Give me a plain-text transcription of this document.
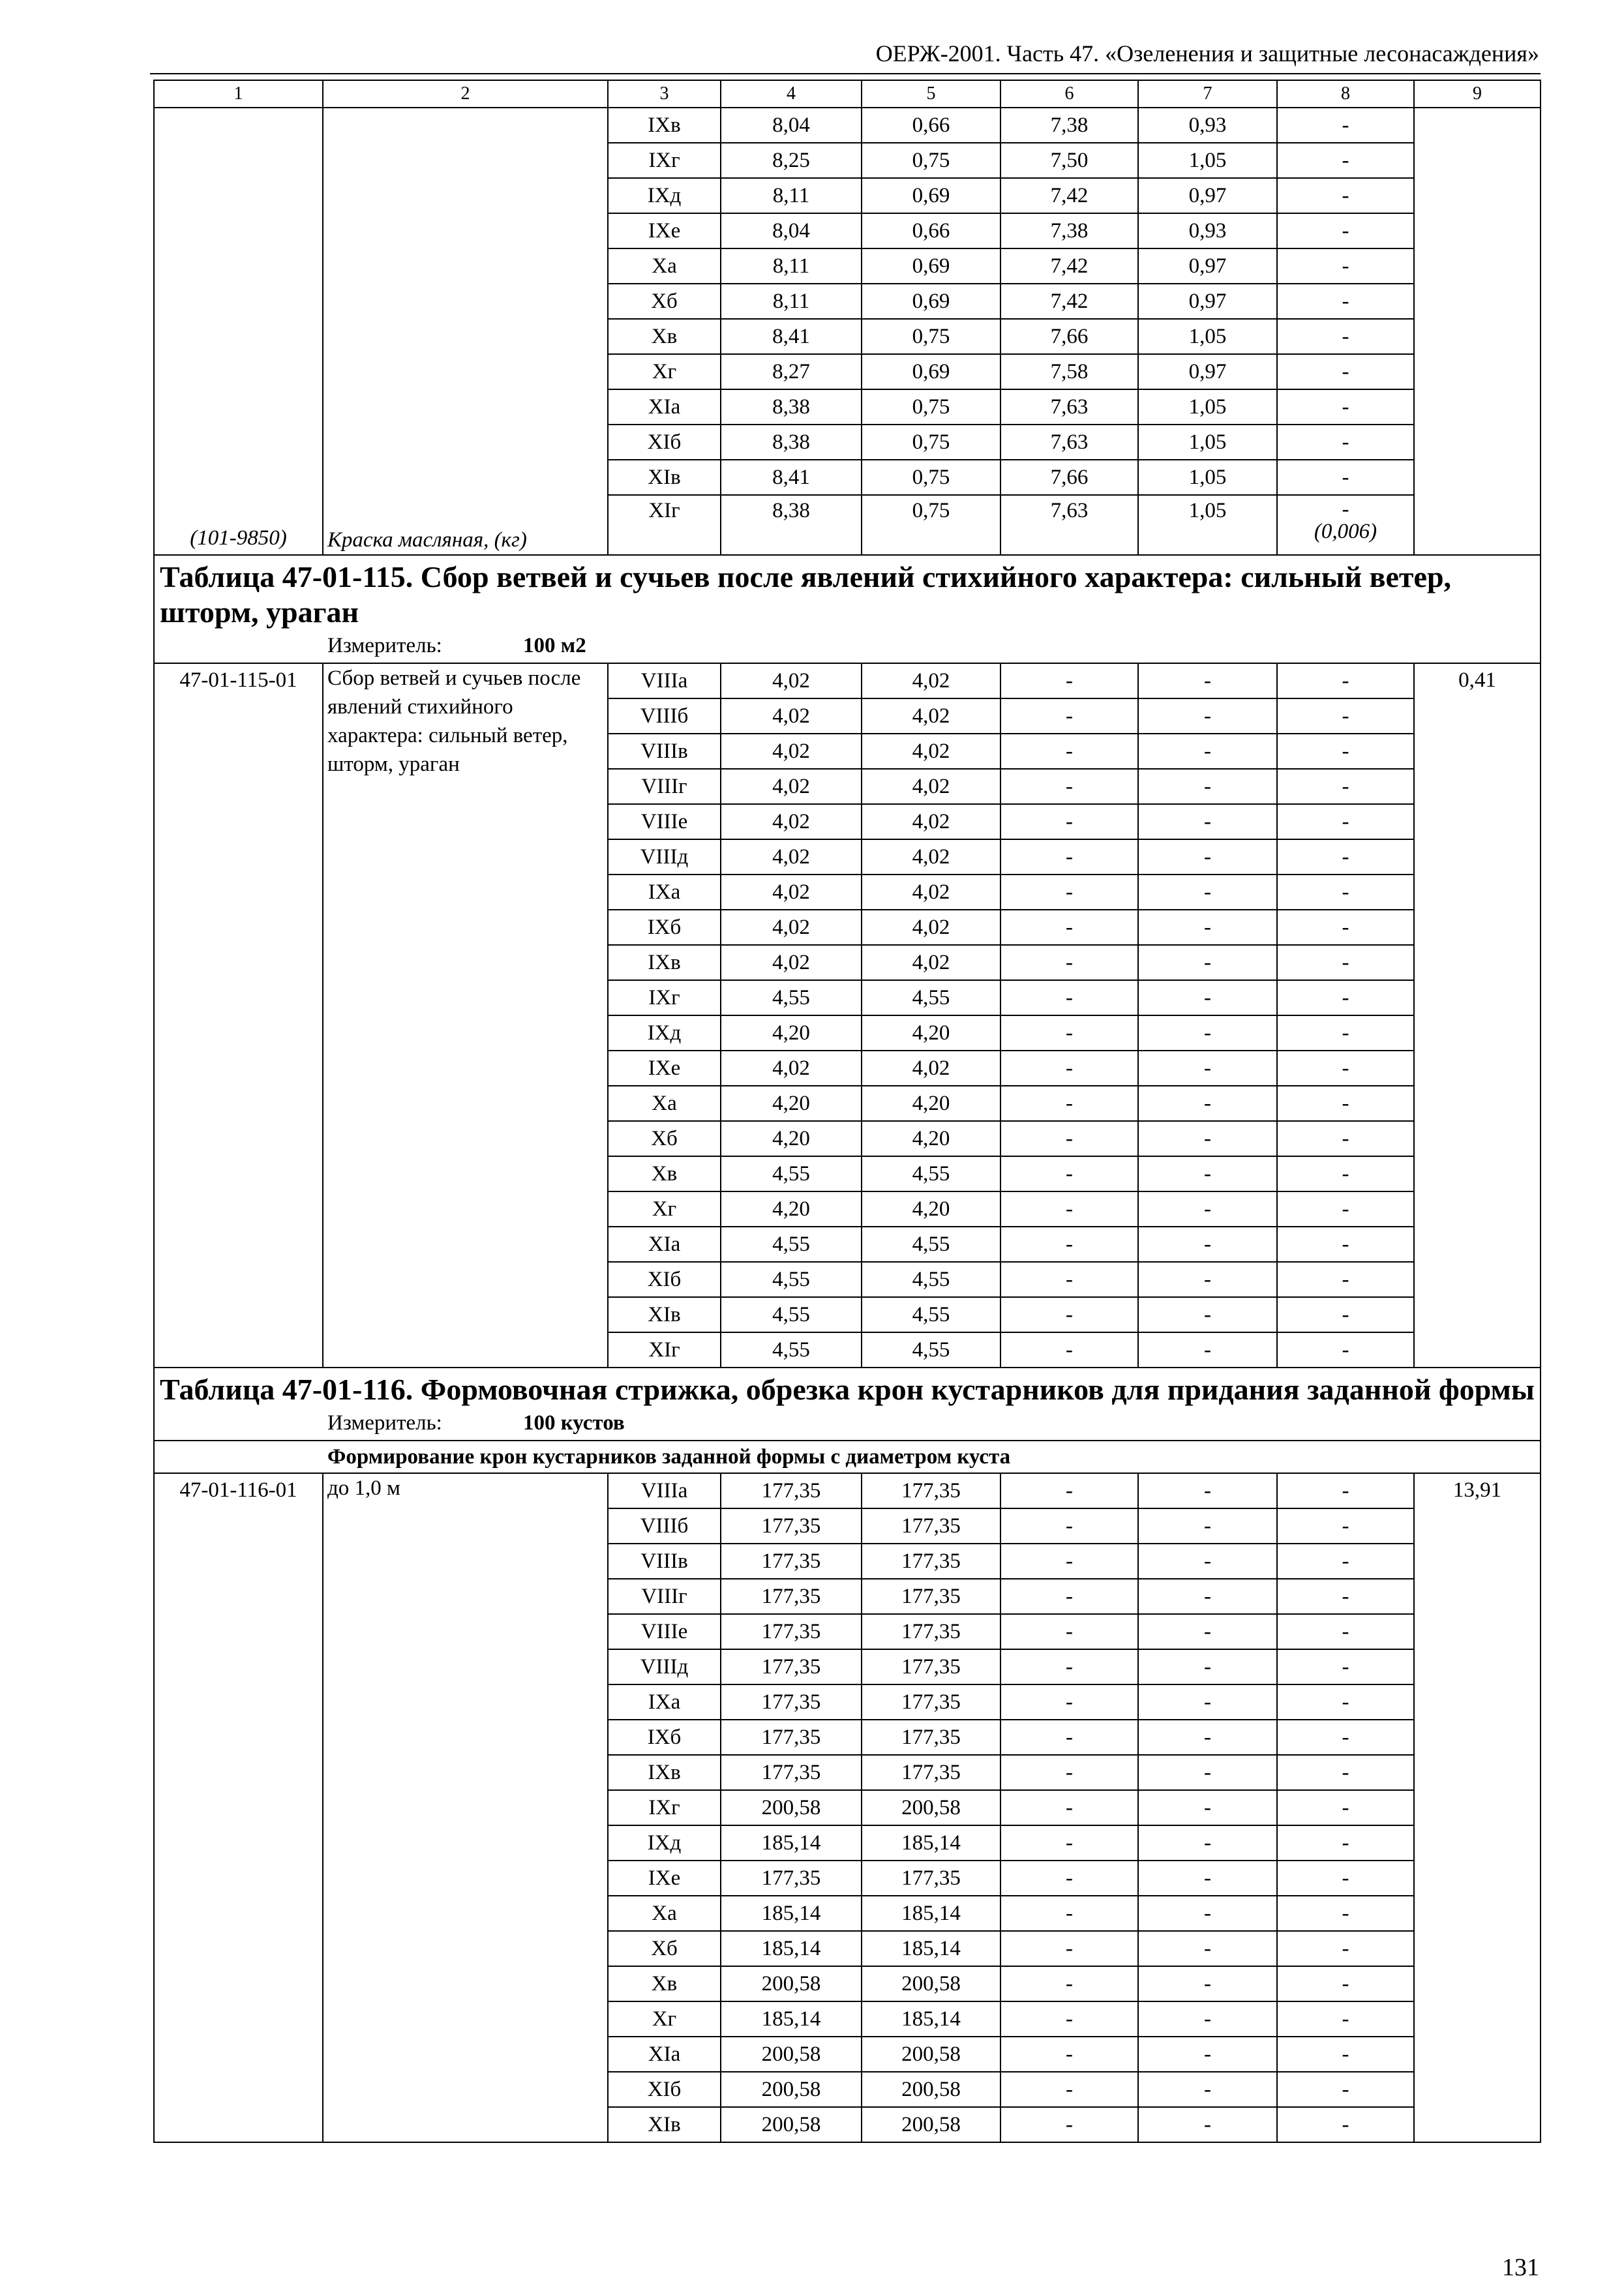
ОЕРЖ-2001. Часть 47. «Озеленения и защитные лесонасаждения»
1	2	3	4	5	6	7	8	9
(101-9850)	Краска масляная, (кг)	IXв	8,04	0,66	7,38	0,93	-	
		IXг	8,25	0,75	7,50	1,05	-	
		IXд	8,11	0,69	7,42	0,97	-	
		IXе	8,04	0,66	7,38	0,93	-	
		Xа	8,11	0,69	7,42	0,97	-	
		Xб	8,11	0,69	7,42	0,97	-	
		Xв	8,41	0,75	7,66	1,05	-	
		Xг	8,27	0,69	7,58	0,97	-	
		XIа	8,38	0,75	7,63	1,05	-	
		XIб	8,38	0,75	7,63	1,05	-	
		XIв	8,41	0,75	7,66	1,05	-	
		XIг	8,38	0,75	7,63	1,05	-
(0,006)	

Таблица 47-01-115. Сбор ветвей и сучьев после явлений стихийного характера: сильный ветер, шторм, ураган
Измеритель: 100 м2								

47-01-115-01	Сбор ветвей и сучьев после явлений стихийного характера: сильный ветер, шторм, ураган	VIIIа	4,02	4,02	-	-	-	0,41
		VIIIб	4,02	4,02	-	-	-	
		VIIIв	4,02	4,02	-	-	-	
		VIIIг	4,02	4,02	-	-	-	
		VIIIе	4,02	4,02	-	-	-	
		VIIIд	4,02	4,02	-	-	-	
		IXа	4,02	4,02	-	-	-	
		IXб	4,02	4,02	-	-	-	
		IXв	4,02	4,02	-	-	-	
		IXг	4,55	4,55	-	-	-	
		IXд	4,20	4,20	-	-	-	
		IXе	4,02	4,02	-	-	-	
		Xа	4,20	4,20	-	-	-	
		Xб	4,20	4,20	-	-	-	
		Xв	4,55	4,55	-	-	-	
		Xг	4,20	4,20	-	-	-	
		XIа	4,55	4,55	-	-	-	
		XIб	4,55	4,55	-	-	-	
		XIв	4,55	4,55	-	-	-	
		XIг	4,55	4,55	-	-	-	

Таблица 47-01-116. Формовочная стрижка, обрезка крон кустарников для придания заданной формы
Измеритель: 100 кустов								

Формирование крон кустарников заданной формы с диаметром куста								
47-01-116-01	до 1,0 м	VIIIа	177,35	177,35	-	-	-	13,91
		VIIIб	177,35	177,35	-	-	-	
		VIIIв	177,35	177,35	-	-	-	
		VIIIг	177,35	177,35	-	-	-	
		VIIIе	177,35	177,35	-	-	-	
		VIIIд	177,35	177,35	-	-	-	
		IXа	177,35	177,35	-	-	-	
		IXб	177,35	177,35	-	-	-	
		IXв	177,35	177,35	-	-	-	
		IXг	200,58	200,58	-	-	-	
		IXд	185,14	185,14	-	-	-	
		IXе	177,35	177,35	-	-	-	
		Xа	185,14	185,14	-	-	-	
		Xб	185,14	185,14	-	-	-	
		Xв	200,58	200,58	-	-	-	
		Xг	185,14	185,14	-	-	-	
		XIа	200,58	200,58	-	-	-	
		XIб	200,58	200,58	-	-	-	
		XIв	200,58	200,58	-	-	-	
131
